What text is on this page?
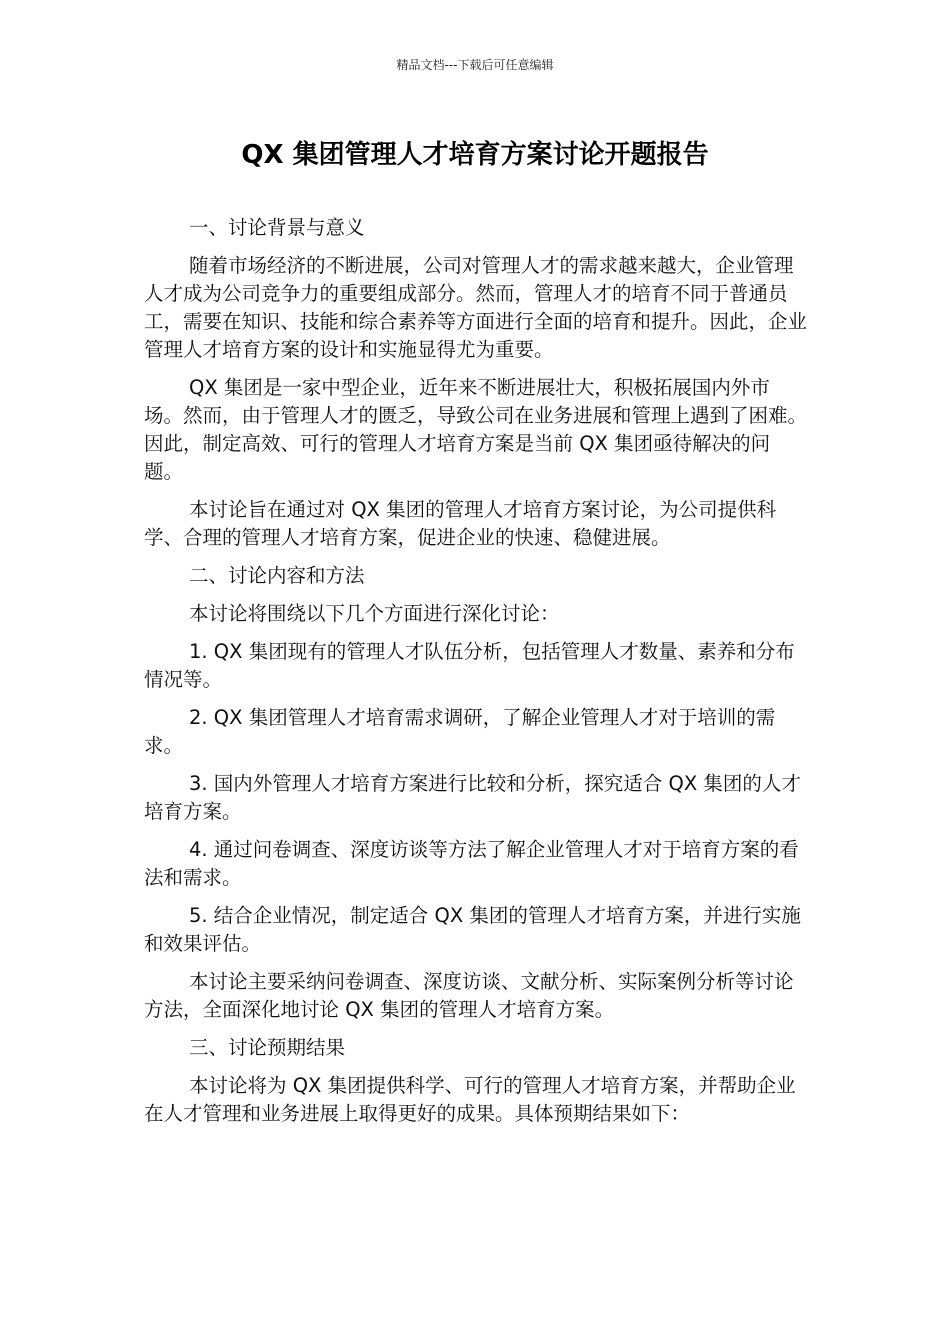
精品文档---下载后可任意编辑
QX 集团管理人才培育方案讨论开题报告

一、讨论背景与意义

随着市场经济的不断进展，公司对管理人才的需求越来越大，企业管理人才成为公司竞争力的重要组成部分。然而，管理人才的培育不同于普通员工，需要在知识、技能和综合素养等方面进行全面的培育和提升。因此，企业管理人才培育方案的设计和实施显得尤为重要。

QX 集团是一家中型企业，近年来不断进展壮大，积极拓展国内外市场。然而，由于管理人才的匮乏，导致公司在业务进展和管理上遇到了困难。因此，制定高效、可行的管理人才培育方案是当前 QX 集团亟待解决的问题。

本讨论旨在通过对 QX 集团的管理人才培育方案讨论，为公司提供科学、合理的管理人才培育方案，促进企业的快速、稳健进展。

二、讨论内容和方法

本讨论将围绕以下几个方面进行深化讨论：

1. QX 集团现有的管理人才队伍分析，包括管理人才数量、素养和分布情况等。

2. QX 集团管理人才培育需求调研，了解企业管理人才对于培训的需求。

3. 国内外管理人才培育方案进行比较和分析，探究适合 QX 集团的人才培育方案。

4. 通过问卷调查、深度访谈等方法了解企业管理人才对于培育方案的看法和需求。

5. 结合企业情况，制定适合 QX 集团的管理人才培育方案，并进行实施和效果评估。

本讨论主要采纳问卷调查、深度访谈、文献分析、实际案例分析等讨论方法，全面深化地讨论 QX 集团的管理人才培育方案。

三、讨论预期结果

本讨论将为 QX 集团提供科学、可行的管理人才培育方案，并帮助企业在人才管理和业务进展上取得更好的成果。具体预期结果如下：
